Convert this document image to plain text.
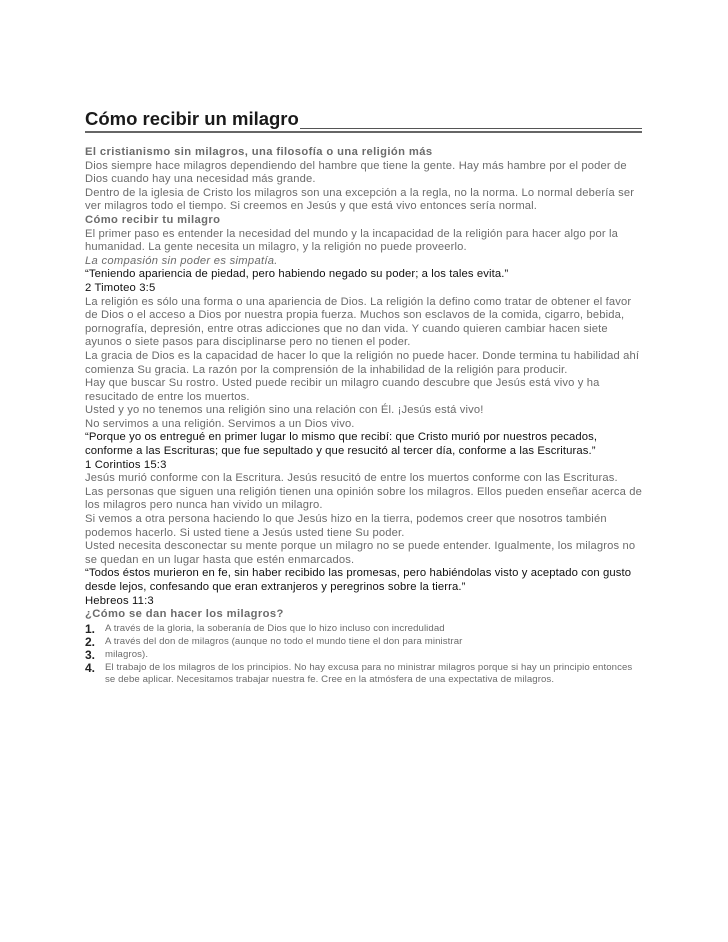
Cómo recibir un milagro

El cristianismo sin milagros, una filosofía o una religión más

Dios siempre hace milagros dependiendo del hambre que tiene la gente. Hay más hambre por el poder de Dios cuando hay una necesidad más grande.

Dentro de la iglesia de Cristo los milagros son una excepción a la regla, no la norma. Lo normal debería ser ver milagros todo el tiempo. Si creemos en Jesús y que está vivo entonces sería normal.

Cómo recibir tu milagro

El primer paso es entender la necesidad del mundo y la incapacidad de la religión para hacer algo por la humanidad. La gente necesita un milagro, y la religión no puede proveerlo.

La compasión sin poder es simpatía.

“Teniendo apariencia de piedad, pero habiendo negado su poder; a los tales evita.”

2 Timoteo 3:5

La religión es sólo una forma o una apariencia de Dios. La religión la defino como tratar de obtener el favor de Dios o el acceso a Dios por nuestra propia fuerza. Muchos son esclavos de la comida, cigarro, bebida, pornografía, depresión, entre otras adicciones que no dan vida. Y cuando quieren cambiar hacen siete ayunos o siete pasos para disciplinarse pero no tienen el poder.

La gracia de Dios es la capacidad de hacer lo que la religión no puede hacer. Donde termina tu habilidad ahí comienza Su gracia. La razón por la comprensión de la inhabilidad de la religión para producir.

Hay que buscar Su rostro. Usted puede recibir un milagro cuando descubre que Jesús está vivo y ha resucitado de entre los muertos.

Usted y yo no tenemos una religión sino una relación con Él. ¡Jesús está vivo!

No servimos a una religión. Servimos a un Dios vivo.

“Porque yo os entregué en primer lugar lo mismo que recibí: que Cristo murió por nuestros pecados, conforme a las Escrituras; que fue sepultado y que resucitó al tercer día, conforme a las Escrituras.”

1 Corintios 15:3

Jesús murió conforme con la Escritura. Jesús resucitó de entre los muertos conforme con las Escrituras.

Las personas que siguen una religión tienen una opinión sobre los milagros. Ellos pueden enseñar acerca de los milagros pero nunca han vivido un milagro.

Si vemos a otra persona haciendo lo que Jesús hizo en la tierra, podemos creer que nosotros también podemos hacerlo. Si usted tiene a Jesús usted tiene Su poder.

Usted necesita desconectar su mente porque un milagro no se puede entender. Igualmente, los milagros no se quedan en un lugar hasta que estén enmarcados.

“Todos éstos murieron en fe, sin haber recibido las promesas, pero habiéndolas visto y aceptado con gusto desde lejos, confesando que eran extranjeros y peregrinos sobre la tierra.”

Hebreos 11:3

¿Cómo se dan hacer los milagros?

1.	A través de la gloria, la soberanía de Dios que lo hizo incluso con incredulidad
2.	A través del don de milagros (aunque no todo el mundo tiene el don para ministrar
3.	milagros).
4.	El trabajo de los milagros de los principios. No hay excusa para no ministrar milagros porque si hay un principio entonces se debe aplicar. Necesitamos trabajar nuestra fe. Cree en la atmósfera de una expectativa de milagros.
